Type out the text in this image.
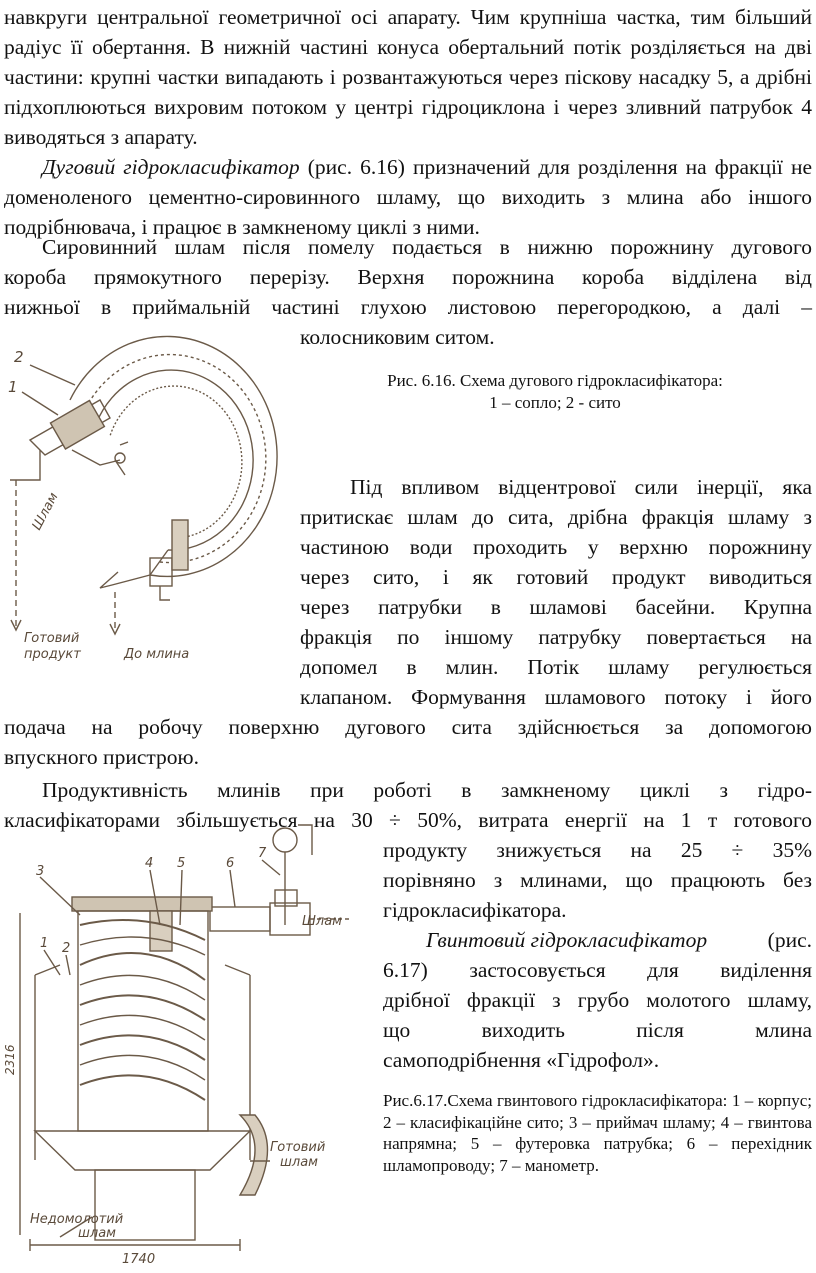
навкруги центральної геометричної осі апарату. Чим крупніша частка, тим більший радіус її обертання. В нижній частині конуса обертальний потік розділяється на дві частини: крупні частки випадають і розвантажуються через піскову насадку 5, а дрібні підхоплюються вихровим потоком у центрі гідроциклона і через зливний патрубок 4 виводяться з апарату.
Дуговий гідрокласифікатор (рис. 6.16) призначений для розділення на фракції не доменоленого цементно-сировинного шламу, що виходить з млина або іншого подрібнювача, і працює в замкненому циклі з ними.
Сировинний шлам після помелу подається в нижню порожнину дугового
короба прямокутного перерізу. Верхня порожнина короба відділена від
нижньої в приймальній частині глухою листовою перегородкою, а далі –
колосниковим ситом.
Рис. 6.16. Схема дугового гідрокласифікатора:
1 – сопло; 2 - сито
2
1
Шлам
Готовий
продукт	До млина
Під впливом відцентрової сили інерції, яка
притискає шлам до сита, дрібна фракція шламу з
частиною води проходить у верхню порожнину
через сито, і як готовий продукт виводиться
через патрубки в шламові басейни. Крупна
фракція по іншому патрубку повертається на
допомел в млин. Потік шламу регулюється
клапаном. Формування шламового потоку і його
подача на робочу поверхню дугового сита здійснюється за допомогою
впускного пристрою.
Продуктивність млинів при роботі в замкненому циклі з гідро-
класифікаторами збільшується на 30 ÷ 50%, витрата енергії на 1 т готового
продукту знижується на 25 ÷ 35%
порівняно з млинами, що працюють без
гідрокласифікатора.
Гвинтовий гідрокласифікатор	(рис.
6.17) застосовується для виділення
дрібної фракції з грубо молотого шламу,
що виходить після млина
самоподрібнення «Гідрофол».
Рис.6.17.Схема гвинтового гідрокласифікатора: 1 – корпус; 2 – класифікаційне сито; 3 – приймач шламу; 4 – гвинтова напрямна; 5 – футеровка патрубка; 6 – перехідник шламопроводу; 7 – манометр.
Шлам
3
4 5	6
7
1 2
Готовий
шлам
Недомолотий
шлам
2316
1740
